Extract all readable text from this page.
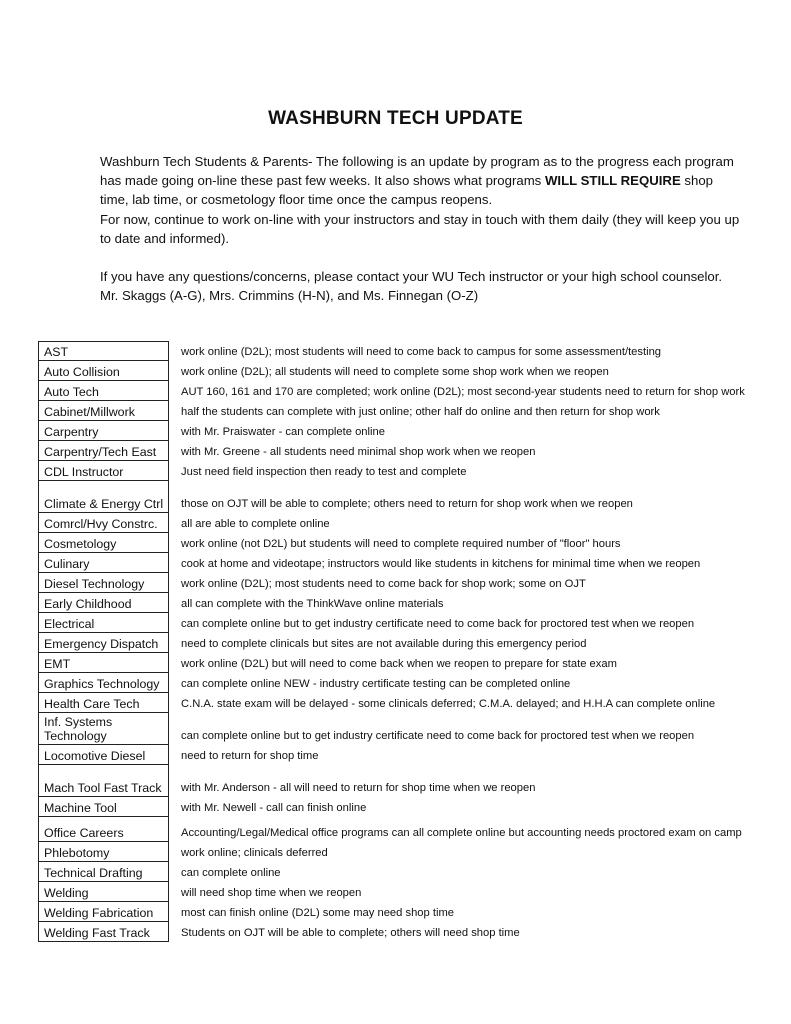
WASHBURN TECH UPDATE

Washburn Tech Students & Parents- The following is an update by program as to the progress each program has made going on-line these past few weeks. It also shows what programs WILL STILL REQUIRE shop time, lab time, or cosmetology floor time once the campus reopens.

For now, continue to work on-line with your instructors and stay in touch with them daily (they will keep you up to date and informed).

If you have any questions/concerns, please contact your WU Tech instructor or your high school counselor. Mr. Skaggs (A-G), Mrs. Crimmins (H-N), and Ms. Finnegan (O-Z)
AST	work online (D2L); most students will need to come back to campus for some assessment/testing
Auto Collision	work online (D2L); all students will need to complete some shop work when we reopen
Auto Tech	AUT 160, 161 and 170 are completed; work online (D2L); most second-year students need to return for shop work
Cabinet/Millwork	half the students can complete with just online; other half do online and then return for shop work
Carpentry	with Mr. Praiswater - can complete online
Carpentry/Tech East	with Mr. Greene - all students need minimal shop work when we reopen
CDL Instructor	Just need field inspection then ready to test and complete
Climate & Energy Ctrl	those on OJT will be able to complete; others need to return for shop work when we reopen
Comrcl/Hvy Constrc.	all are able to complete online
Cosmetology	work online (not D2L) but students will need to complete required number of "floor" hours
Culinary	cook at home and videotape; instructors would like students in kitchens for minimal time when we reopen
Diesel Technology	work online (D2L); most students need to come back for shop work; some on OJT
Early Childhood	all can complete with the ThinkWave online materials
Electrical	can complete online but to get industry certificate need to come back for proctored test when we reopen
Emergency Dispatch	need to complete clinicals but sites are not available during this emergency period
EMT	work online (D2L) but will need to come back when we reopen to prepare for state exam
Graphics Technology	can complete online NEW - industry certificate testing can be completed online
Health Care Tech	C.N.A. state exam will be delayed - some clinicals deferred; C.M.A. delayed; and H.H.A can complete online
Inf. Systems Technology	can complete online but to get industry certificate need to come back for proctored test when we reopen
Locomotive Diesel	need to return for shop time
Mach Tool Fast Track	with Mr. Anderson - all will need to return for shop time when we reopen
Machine Tool	with Mr. Newell - call can finish online
Office Careers	Accounting/Legal/Medical office programs can all complete online but accounting needs proctored exam on camp
Phlebotomy	work online; clinicals deferred
Technical Drafting	can complete online
Welding	will need shop time when we reopen
Welding Fabrication	most can finish online (D2L) some may need shop time
Welding Fast Track	Students on OJT will be able to complete; others will need shop time
